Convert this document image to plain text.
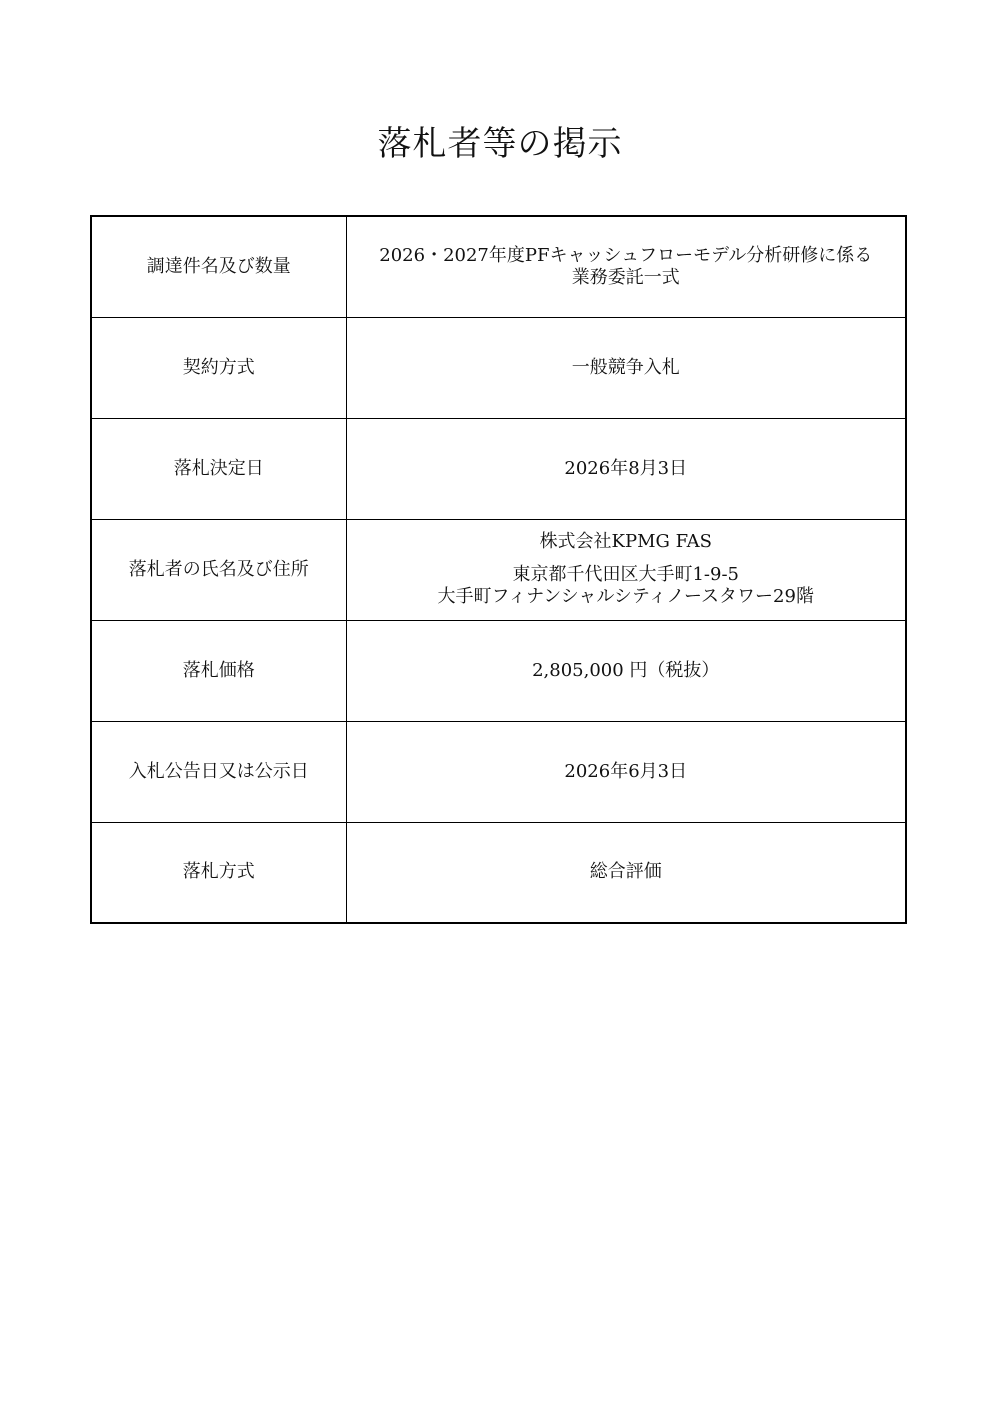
落札者等の掲示
調達件名及び数量	2026・2027年度PFキャッシュフローモデル分析研修に係る
業務委託一式

契約方式	一般競争入札

落札決定日	2026年8月3日

落札者の氏名及び住所	株式会社KPMG FAS
東京都千代田区大手町1-9-5
大手町フィナンシャルシティノースタワー29階

落札価格	2,805,000 円（税抜）

入札公告日又は公示日	2026年6月3日

落札方式	総合評価
